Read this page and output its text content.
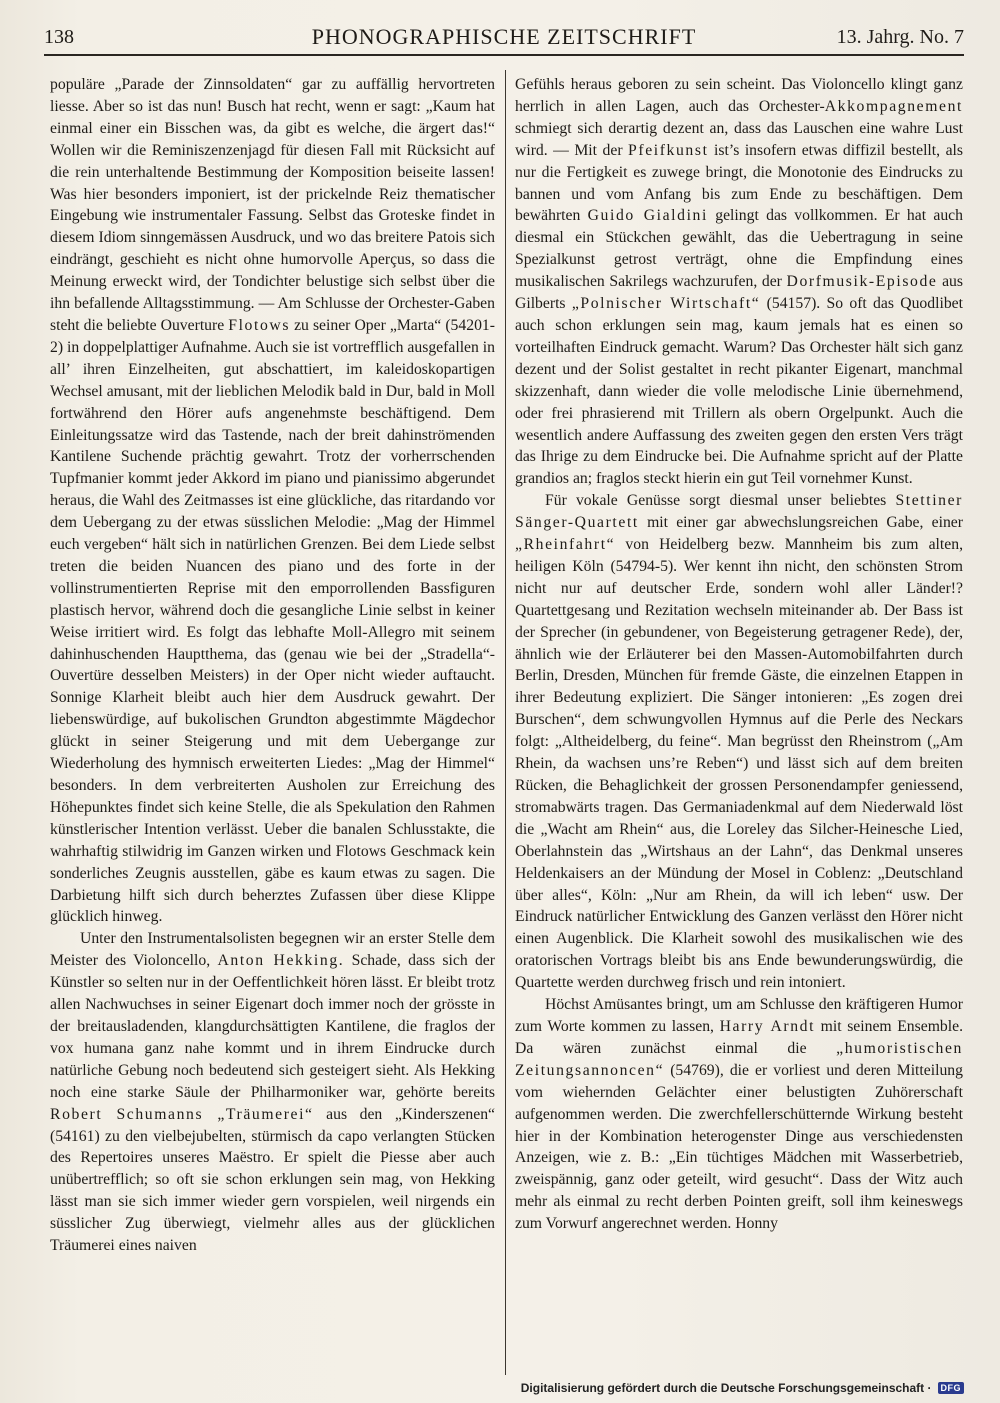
138	PHONOGRAPHISCHE ZEITSCHRIFT	13. Jahrg. No. 7

populäre „Parade der Zinnsoldaten“ gar zu auffällig hervortreten liesse. Aber so ist das nun! Busch hat recht, wenn er sagt: „Kaum hat einmal einer ein Bisschen was, da gibt es welche, die ärgert das!“ Wollen wir die Reminiszenzenjagd für diesen Fall mit Rücksicht auf die rein unterhaltende Bestimmung der Komposition beiseite lassen! Was hier besonders imponiert, ist der prickelnde Reiz thematischer Eingebung wie instrumentaler Fassung. Selbst das Groteske findet in diesem Idiom sinngemässen Ausdruck, und wo das breitere Patois sich eindrängt, geschieht es nicht ohne humorvolle Aperçus, so dass die Meinung erweckt wird, der Tondichter belustige sich selbst über die ihn befallende Alltagsstimmung. — Am Schlusse der Orchester-Gaben steht die beliebte Ouverture Flotows zu seiner Oper „Marta“ (54201-2) in doppelplattiger Aufnahme. Auch sie ist vortrefflich ausgefallen in all’ ihren Einzelheiten, gut abschattiert, im kaleidoskopartigen Wechsel amusant, mit der lieblichen Melodik bald in Dur, bald in Moll fortwährend den Hörer aufs angenehmste beschäftigend. Dem Einleitungssatze wird das Tastende, nach der breit dahinströmenden Kantilene Suchende prächtig gewahrt. Trotz der vorherrschenden Tupfmanier kommt jeder Akkord im piano und pianissimo abgerundet heraus, die Wahl des Zeitmasses ist eine glückliche, das ritardando vor dem Uebergang zu der etwas süsslichen Melodie: „Mag der Himmel euch vergeben“ hält sich in natürlichen Grenzen. Bei dem Liede selbst treten die beiden Nuancen des piano und des forte in der vollinstrumentierten Reprise mit den emporrollenden Bassfiguren plastisch hervor, während doch die gesangliche Linie selbst in keiner Weise irritiert wird. Es folgt das lebhafte Moll-Allegro mit seinem dahinhuschenden Hauptthema, das (genau wie bei der „Stradella“-Ouvertüre desselben Meisters) in der Oper nicht wieder auftaucht. Sonnige Klarheit bleibt auch hier dem Ausdruck gewahrt. Der liebenswürdige, auf bukolischen Grundton abgestimmte Mägdechor glückt in seiner Steigerung und mit dem Uebergange zur Wiederholung des hymnisch erweiterten Liedes: „Mag der Himmel“ besonders. In dem verbreiterten Ausholen zur Erreichung des Höhepunktes findet sich keine Stelle, die als Spekulation den Rahmen künstlerischer Intention verlässt. Ueber die banalen Schlusstakte, die wahrhaftig stilwidrig im Ganzen wirken und Flotows Geschmack kein sonderliches Zeugnis ausstellen, gäbe es kaum etwas zu sagen. Die Darbietung hilft sich durch beherztes Zufassen über diese Klippe glücklich hinweg.

Unter den Instrumentalsolisten begegnen wir an erster Stelle dem Meister des Violoncello, Anton Hekking. Schade, dass sich der Künstler so selten nur in der Oeffentlichkeit hören lässt. Er bleibt trotz allen Nachwuchses in seiner Eigenart doch immer noch der grösste in der breitausladenden, klangdurchsättigten Kantilene, die fraglos der vox humana ganz nahe kommt und in ihrem Eindrucke durch natürliche Gebung noch bedeutend sich gesteigert sieht. Als Hekking noch eine starke Säule der Philharmoniker war, gehörte bereits Robert Schumanns „Träumerei“ aus den „Kinderszenen“ (54161) zu den vielbejubelten, stürmisch da capo verlangten Stücken des Repertoires unseres Maëstro. Er spielt die Piesse aber auch unübertrefflich; so oft sie schon erklungen sein mag, von Hekking lässt man sie sich immer wieder gern vorspielen, weil nirgends ein süsslicher Zug überwiegt, vielmehr alles aus der glücklichen Träumerei eines naiven

Gefühls heraus geboren zu sein scheint. Das Violoncello klingt ganz herrlich in allen Lagen, auch das Orchester-Akkompagnement schmiegt sich derartig dezent an, dass das Lauschen eine wahre Lust wird. — Mit der Pfeifkunst ist’s insofern etwas diffizil bestellt, als nur die Fertigkeit es zuwege bringt, die Monotonie des Eindrucks zu bannen und vom Anfang bis zum Ende zu beschäftigen. Dem bewährten Guido Gialdini gelingt das vollkommen. Er hat auch diesmal ein Stückchen gewählt, das die Uebertragung in seine Spezialkunst getrost verträgt, ohne die Empfindung eines musikalischen Sakrilegs wachzurufen, der Dorfmusik-Episode aus Gilberts „Polnischer Wirtschaft“ (54157). So oft das Quodlibet auch schon erklungen sein mag, kaum jemals hat es einen so vorteilhaften Eindruck gemacht. Warum? Das Orchester hält sich ganz dezent und der Solist gestaltet in recht pikanter Eigenart, manchmal skizzenhaft, dann wieder die volle melodische Linie übernehmend, oder frei phrasierend mit Trillern als obern Orgelpunkt. Auch die wesentlich andere Auffassung des zweiten gegen den ersten Vers trägt das Ihrige zu dem Eindrucke bei. Die Aufnahme spricht auf der Platte grandios an; fraglos steckt hierin ein gut Teil vornehmer Kunst.

Für vokale Genüsse sorgt diesmal unser beliebtes Stettiner Sänger-Quartett mit einer gar abwechslungsreichen Gabe, einer „Rheinfahrt“ von Heidelberg bezw. Mannheim bis zum alten, heiligen Köln (54794-5). Wer kennt ihn nicht, den schönsten Strom nicht nur auf deutscher Erde, sondern wohl aller Länder!? Quartettgesang und Rezitation wechseln miteinander ab. Der Bass ist der Sprecher (in gebundener, von Begeisterung getragener Rede), der, ähnlich wie der Erläuterer bei den Massen-Automobilfahrten durch Berlin, Dresden, München für fremde Gäste, die einzelnen Etappen in ihrer Bedeutung expliziert. Die Sänger intonieren: „Es zogen drei Burschen“, dem schwungvollen Hymnus auf die Perle des Neckars folgt: „Altheidelberg, du feine“. Man begrüsst den Rheinstrom („Am Rhein, da wachsen uns’re Reben“) und lässt sich auf dem breiten Rücken, die Behaglichkeit der grossen Personendampfer geniessend, stromabwärts tragen. Das Germaniadenkmal auf dem Niederwald löst die „Wacht am Rhein“ aus, die Loreley das Silcher-Heinesche Lied, Oberlahnstein das „Wirtshaus an der Lahn“, das Denkmal unseres Heldenkaisers an der Mündung der Mosel in Coblenz: „Deutschland über alles“, Köln: „Nur am Rhein, da will ich leben“ usw. Der Eindruck natürlicher Entwicklung des Ganzen verlässt den Hörer nicht einen Augenblick. Die Klarheit sowohl des musikalischen wie des oratorischen Vortrags bleibt bis ans Ende bewunderungswürdig, die Quartette werden durchweg frisch und rein intoniert.

Höchst Amüsantes bringt, um am Schlusse den kräftigeren Humor zum Worte kommen zu lassen, Harry Arndt mit seinem Ensemble. Da wären zunächst einmal die „humoristischen Zeitungsannoncen“ (54769), die er vorliest und deren Mitteilung vom wiehernden Gelächter einer belustigten Zuhörerschaft aufgenommen werden. Die zwerchfellerschütternde Wirkung besteht hier in der Kombination heterogenster Dinge aus verschiedensten Anzeigen, wie z. B.: „Ein tüchtiges Mädchen mit Wasserbetrieb, zweispännig, ganz oder geteilt, wird gesucht“. Dass der Witz auch mehr als einmal zu recht derben Pointen greift, soll ihm keineswegs zum Vorwurf angerechnet werden. Honny

Digitalisierung gefördert durch die Deutsche Forschungsgemeinschaft ·	DFG
